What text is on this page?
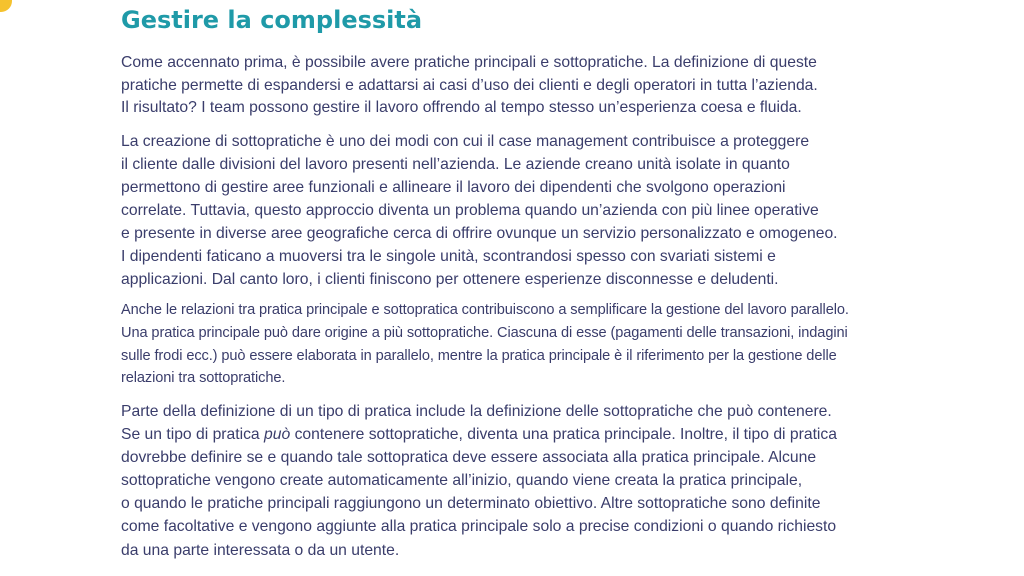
Gestire la complessità

Come accennato prima, è possibile avere pratiche principali e sottopratiche. La definizione di queste
pratiche permette di espandersi e adattarsi ai casi d’uso dei clienti e degli operatori in tutta l’azienda.
Il risultato? I team possono gestire il lavoro offrendo al tempo stesso un’esperienza coesa e fluida.

La creazione di sottopratiche è uno dei modi con cui il case management contribuisce a proteggere
il cliente dalle divisioni del lavoro presenti nell’azienda. Le aziende creano unità isolate in quanto
permettono di gestire aree funzionali e allineare il lavoro dei dipendenti che svolgono operazioni
correlate. Tuttavia, questo approccio diventa un problema quando un’azienda con più linee operative
e presente in diverse aree geografiche cerca di offrire ovunque un servizio personalizzato e omogeneo.
I dipendenti faticano a muoversi tra le singole unità, scontrandosi spesso con svariati sistemi e
applicazioni. Dal canto loro, i clienti finiscono per ottenere esperienze disconnesse e deludenti.

Anche le relazioni tra pratica principale e sottopratica contribuiscono a semplificare la gestione del lavoro parallelo.
Una pratica principale può dare origine a più sottopratiche. Ciascuna di esse (pagamenti delle transazioni, indagini
sulle frodi ecc.) può essere elaborata in parallelo, mentre la pratica principale è il riferimento per la gestione delle
relazioni tra sottopratiche.

Parte della definizione di un tipo di pratica include la definizione delle sottopratiche che può contenere.
Se un tipo di pratica può contenere sottopratiche, diventa una pratica principale. Inoltre, il tipo di pratica
dovrebbe definire se e quando tale sottopratica deve essere associata alla pratica principale. Alcune
sottopratiche vengono create automaticamente all’inizio, quando viene creata la pratica principale,
o quando le pratiche principali raggiungono un determinato obiettivo. Altre sottopratiche sono definite
come facoltative e vengono aggiunte alla pratica principale solo a precise condizioni o quando richiesto
da una parte interessata o da un utente.
